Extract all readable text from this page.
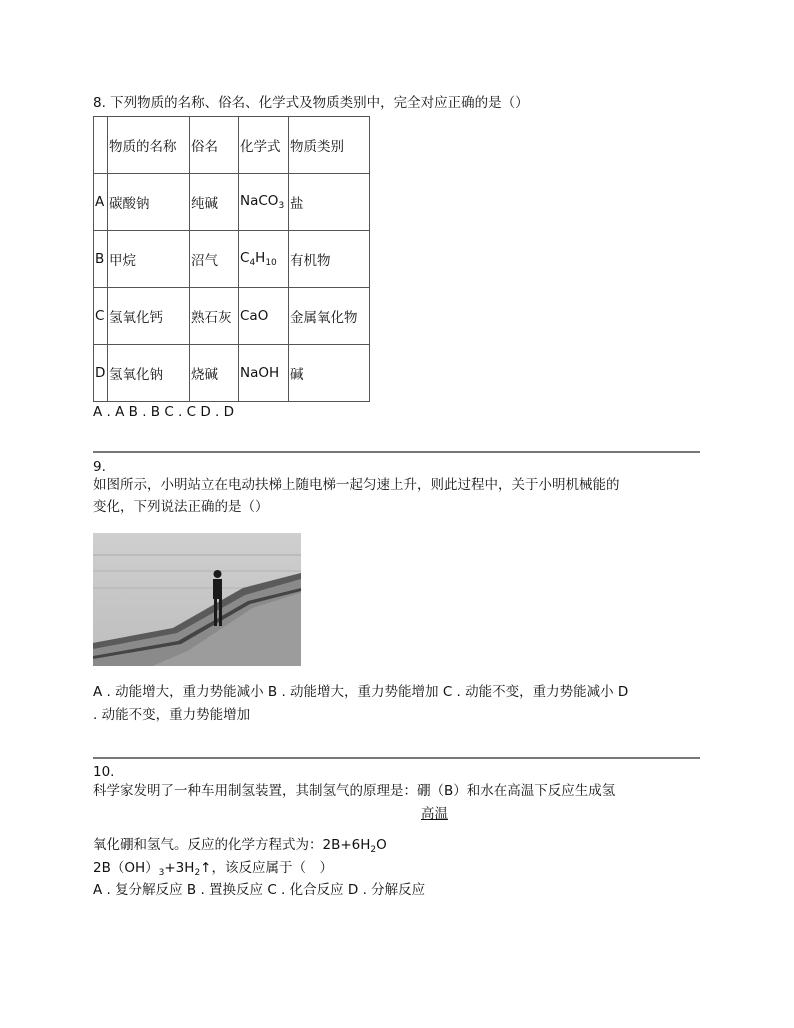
8. 下列物质的名称、俗名、化学式及物质类别中，完全对应正确的是（）
	物质的名称	俗名	化学式	物质类别
A	碳酸钠	纯碱	NaCO$_3$	盐
B	甲烷	沼气	$C_4H_{10}$	有机物
C	氢氧化钙	熟石灰	CaO	金属氧化物
D	氢氧化钠	烧碱	NaOH	碱
A . A B . B C . C D . D
9.
如图所示，小明站立在电动扶梯上随电梯一起匀速上升，则此过程中，关于小明机械能的
变化，下列说法正确的是（）
A . 动能增大，重力势能减小 B . 动能增大，重力势能增加 C . 动能不变，重力势能减小 D
. 动能不变，重力势能增加
10.
科学家发明了一种车用制氢装置，其制氢气的原理是：硼（B）和水在高温下反应生成氢
高温
氧化硼和氢气。反应的化学方程式为：$2B+6H_2O$
$2B(OH)_3+3H_2↑$，该反应属于（　）
A . 复分解反应 B . 置换反应 C . 化合反应 D . 分解反应
